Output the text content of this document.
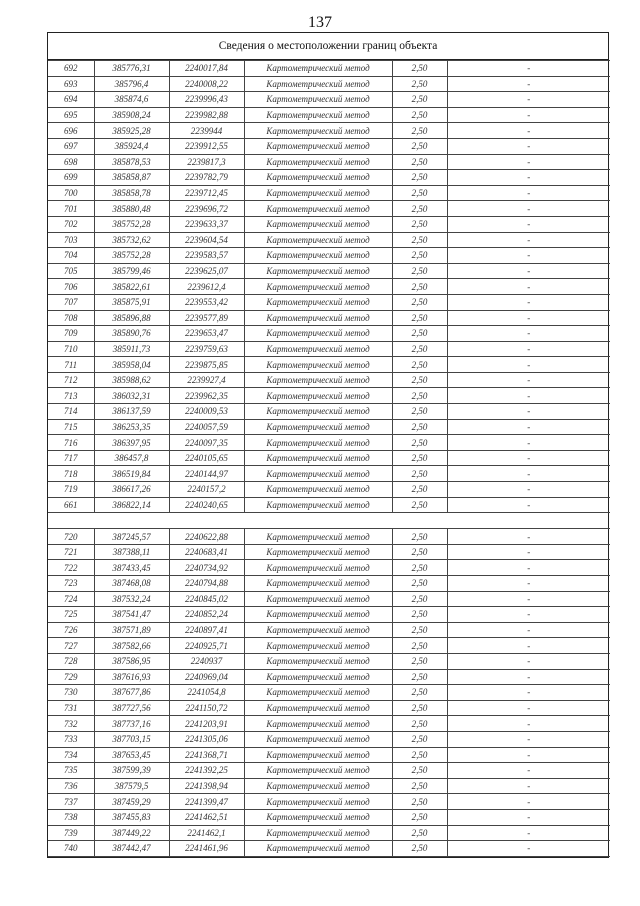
137
Сведения о местоположении границ объекта
692	385776,31	2240017,84	Картометрический метод	2,50	-
693	385796,4	2240008,22	Картометрический метод	2,50	-
694	385874,6	2239996,43	Картометрический метод	2,50	-
695	385908,24	2239982,88	Картометрический метод	2,50	-
696	385925,28	2239944	Картометрический метод	2,50	-
697	385924,4	2239912,55	Картометрический метод	2,50	-
698	385878,53	2239817,3	Картометрический метод	2,50	-
699	385858,87	2239782,79	Картометрический метод	2,50	-
700	385858,78	2239712,45	Картометрический метод	2,50	-
701	385880,48	2239696,72	Картометрический метод	2,50	-
702	385752,28	2239633,37	Картометрический метод	2,50	-
703	385732,62	2239604,54	Картометрический метод	2,50	-
704	385752,28	2239583,57	Картометрический метод	2,50	-
705	385799,46	2239625,07	Картометрический метод	2,50	-
706	385822,61	2239612,4	Картометрический метод	2,50	-
707	385875,91	2239553,42	Картометрический метод	2,50	-
708	385896,88	2239577,89	Картометрический метод	2,50	-
709	385890,76	2239653,47	Картометрический метод	2,50	-
710	385911,73	2239759,63	Картометрический метод	2,50	-
711	385958,04	2239875,85	Картометрический метод	2,50	-
712	385988,62	2239927,4	Картометрический метод	2,50	-
713	386032,31	2239962,35	Картометрический метод	2,50	-
714	386137,59	2240009,53	Картометрический метод	2,50	-
715	386253,35	2240057,59	Картометрический метод	2,50	-
716	386397,95	2240097,35	Картометрический метод	2,50	-
717	386457,8	2240105,65	Картометрический метод	2,50	-
718	386519,84	2240144,97	Картометрический метод	2,50	-
719	386617,26	2240157,2	Картометрический метод	2,50	-
661	386822,14	2240240,65	Картометрический метод	2,50	-

720	387245,57	2240622,88	Картометрический метод	2,50	-
721	387388,11	2240683,41	Картометрический метод	2,50	-
722	387433,45	2240734,92	Картометрический метод	2,50	-
723	387468,08	2240794,88	Картометрический метод	2,50	-
724	387532,24	2240845,02	Картометрический метод	2,50	-
725	387541,47	2240852,24	Картометрический метод	2,50	-
726	387571,89	2240897,41	Картометрический метод	2,50	-
727	387582,66	2240925,71	Картометрический метод	2,50	-
728	387586,95	2240937	Картометрический метод	2,50	-
729	387616,93	2240969,04	Картометрический метод	2,50	-
730	387677,86	2241054,8	Картометрический метод	2,50	-
731	387727,56	2241150,72	Картометрический метод	2,50	-
732	387737,16	2241203,91	Картометрический метод	2,50	-
733	387703,15	2241305,06	Картометрический метод	2,50	-
734	387653,45	2241368,71	Картометрический метод	2,50	-
735	387599,39	2241392,25	Картометрический метод	2,50	-
736	387579,5	2241398,94	Картометрический метод	2,50	-
737	387459,29	2241399,47	Картометрический метод	2,50	-
738	387455,83	2241462,51	Картометрический метод	2,50	-
739	387449,22	2241462,1	Картометрический метод	2,50	-
740	387442,47	2241461,96	Картометрический метод	2,50	-
